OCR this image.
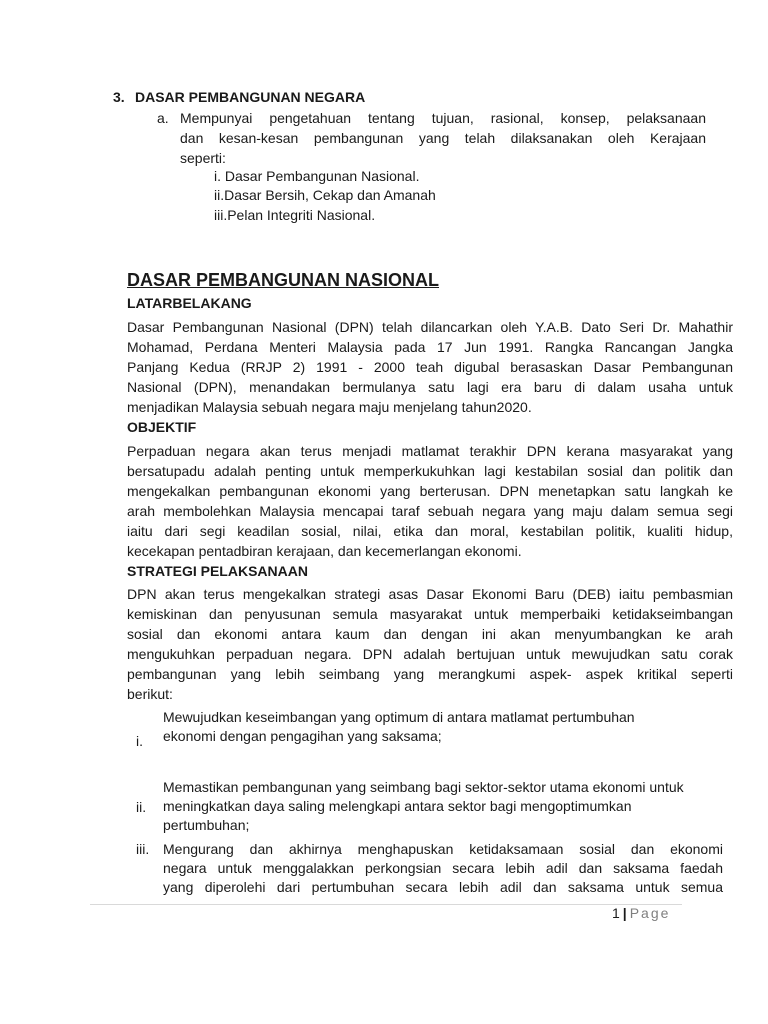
3. DASAR PEMBANGUNAN NEGARA
a. Mempunyai pengetahuan tentang tujuan, rasional, konsep, pelaksanaan
dan kesan-kesan pembangunan yang telah dilaksanakan oleh Kerajaan
seperti:
i. Dasar Pembangunan Nasional.
ii.Dasar Bersih, Cekap dan Amanah
iii.Pelan Integriti Nasional.
DASAR PEMBANGUNAN NASIONAL
LATARBELAKANG
Dasar Pembangunan Nasional (DPN) telah dilancarkan oleh Y.A.B. Dato Seri Dr. Mahathir
Mohamad, Perdana Menteri Malaysia pada 17 Jun 1991. Rangka Rancangan Jangka
Panjang Kedua (RRJP 2) 1991 - 2000 teah digubal berasaskan Dasar Pembangunan
Nasional (DPN), menandakan bermulanya satu lagi era baru di dalam usaha untuk
menjadikan Malaysia sebuah negara maju menjelang tahun2020.
OBJEKTIF
Perpaduan negara akan terus menjadi matlamat terakhir DPN kerana masyarakat yang
bersatupadu adalah penting untuk memperkukuhkan lagi kestabilan sosial dan politik dan
mengekalkan pembangunan ekonomi yang berterusan. DPN menetapkan satu langkah ke
arah membolehkan Malaysia mencapai taraf sebuah negara yang maju dalam semua segi
iaitu dari segi keadilan sosial, nilai, etika dan moral, kestabilan politik, kualiti hidup,
kecekapan pentadbiran kerajaan, dan kecemerlangan ekonomi.
STRATEGI PELAKSANAAN
DPN akan terus mengekalkan strategi asas Dasar Ekonomi Baru (DEB) iaitu pembasmian
kemiskinan dan penyusunan semula masyarakat untuk memperbaiki ketidakseimbangan
sosial dan ekonomi antara kaum dan dengan ini akan menyumbangkan ke arah
mengukuhkan perpaduan negara. DPN adalah bertujuan untuk mewujudkan satu corak
pembangunan yang lebih seimbang yang merangkumi aspek- aspek kritikal seperti
berikut:
i.
Mewujudkan keseimbangan yang optimum di antara matlamat pertumbuhan
ekonomi dengan pengagihan yang saksama;
ii.
Memastikan pembangunan yang seimbang bagi sektor-sektor utama ekonomi untuk
meningkatkan daya saling melengkapi antara sektor bagi mengoptimumkan
pertumbuhan;
iii. Mengurang dan akhirnya menghapuskan ketidaksamaan sosial dan ekonomi
negara untuk menggalakkan perkongsian secara lebih adil dan saksama faedah
yang diperolehi dari pertumbuhan secara lebih adil dan saksama untuk semua
1 | Page
